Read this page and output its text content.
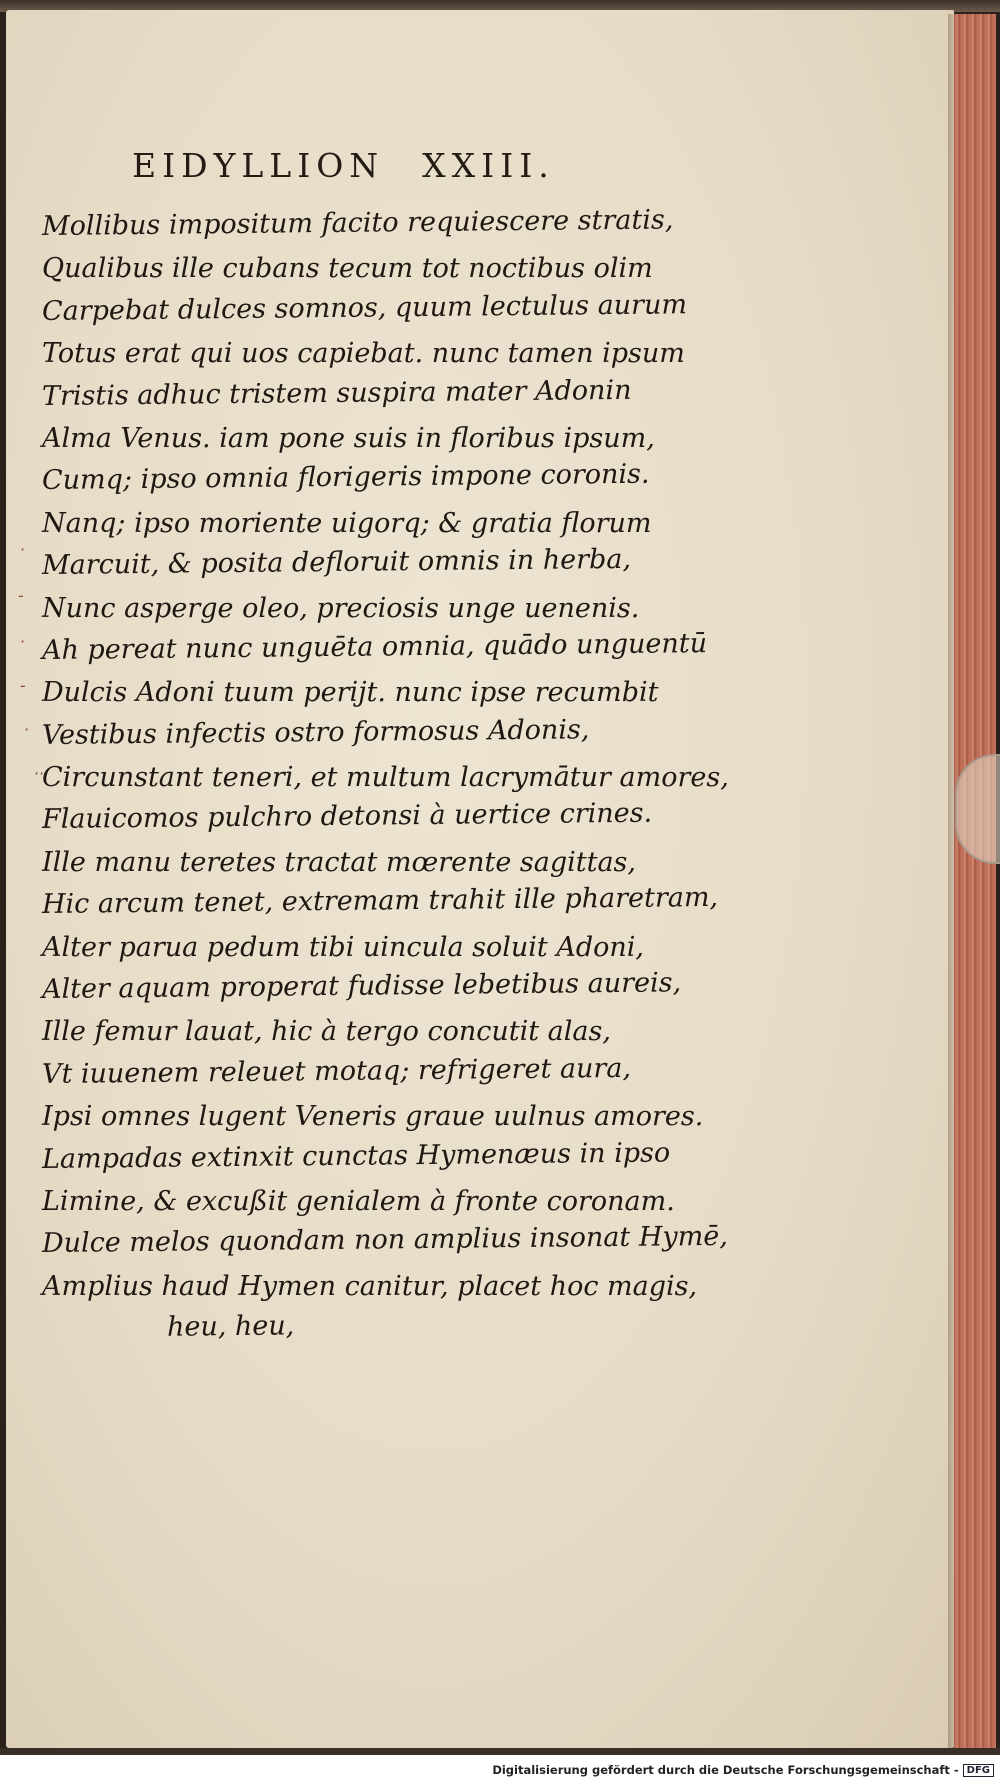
EIDYLLION XXIII.
Mollibus impositum facito requiescere stratis,
Qualibus ille cubans tecum tot noctibus olim
Carpebat dulces somnos, quum lectulus aurum
Totus erat qui uos capiebat. nunc tamen ipsum
Tristis adhuc tristem suspira mater Adonin
Alma Venus. iam pone suis in floribus ipsum,
Cumq; ipso omnia florigeris impone coronis.
Nanq; ipso moriente uigorq; & gratia florum
Marcuit, & posita defloruit omnis in herba,
Nunc asperge oleo, preciosis unge uenenis.
Ah pereat nunc unguēta omnia, quādo unguentū
Dulcis Adoni tuum perijt. nunc ipse recumbit
Vestibus infectis ostro formosus Adonis,
Circunstant teneri, et multum lacrymātur amores,
Flauicomos pulchro detonsi à uertice crines.
Ille manu teretes tractat mœrente sagittas,
Hic arcum tenet, extremam trahit ille pharetram,
Alter parua pedum tibi uincula soluit Adoni,
Alter aquam properat fudisse lebetibus aureis,
Ille femur lauat, hic à tergo concutit alas,
Vt iuuenem releuet motaq; refrigeret aura,
Ipsi omnes lugent Veneris graue uulnus amores.
Lampadas extinxit cunctas Hymenæus in ipso
Limine, & excußit genialem à fronte coronam.
Dulce melos quondam non amplius insonat Hymē,
Amplius haud Hymen canitur, placet hoc magis,
heu, heu,
·
-
·
-
·
··
Digitalisierung gefördert durch die Deutsche Forschungsgemeinschaft - DFG
